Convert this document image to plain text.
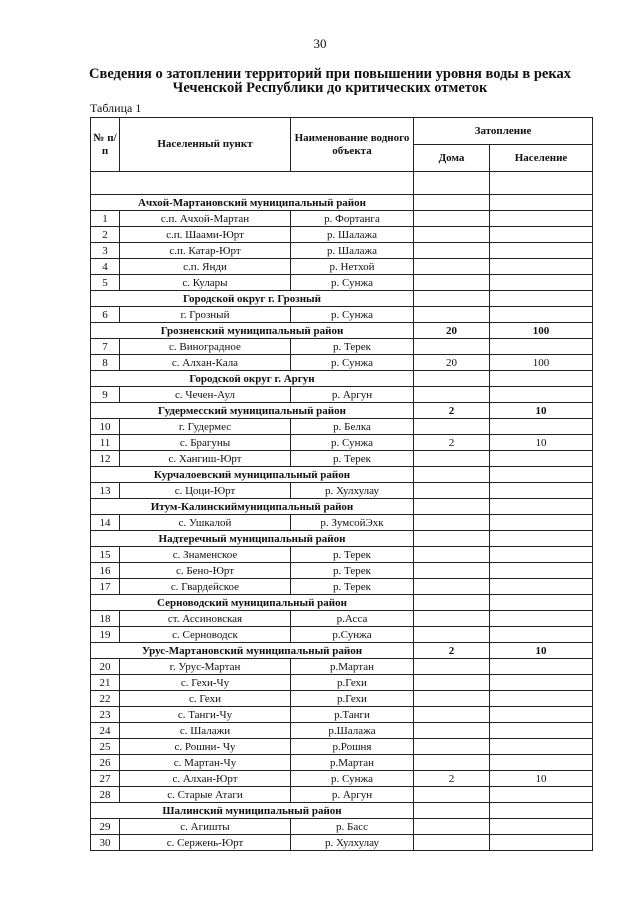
30
Сведения о затоплении территорий при повышении уровня воды в реках
Чеченской Республики до критических отметок
Таблица 1
№ п/п	Населенный пункт	Наименование водного объекта	Затопление	
			Дома	Население

Ачхой-Мартановский муниципальный район				
1	с.п. Ачхой-Мартан	р. Фортанга		
2	с.п. Шаами-Юрт	р. Шалажа		
3	с.п. Катар-Юрт	р. Шалажа		
4	с.п. Янди	р. Нетхой		
5	с. Кулары	р. Сунжа		
Городской округ г. Грозный				
6	г. Грозный	р. Сунжа		
Грозненский муниципальный район			20	100
7	с. Виноградное	р. Терек		
8	с. Алхан-Кала	р. Сунжа	20	100
Городской округ г. Аргун				
9	с. Чечен-Аул	р. Аргун		
Гудермесский муниципальный район			2	10
10	г. Гудермес	р. Белка		
11	с. Брагуны	р. Сунжа	2	10
12	с. Хангиш-Юрт	р. Терек		
Курчалоевский муниципальный район				
13	с. Цоци-Юрт	р. Хулхулау		
Итум-Калинскиймуниципальный район				
14	с. Ушкалой	р. ЗумсойЭхк		
Надтеречный муниципальный район				
15	с. Знаменское	р. Терек		
16	с. Бено-Юрт	р. Терек		
17	с. Гвардейское	р. Терек		
Серноводский муниципальный район				
18	ст. Ассиновская	р.Асса		
19	с. Серноводск	р.Сунжа		
Урус-Мартановский муниципальный район			2	10
20	г. Урус-Мартан	р.Мартан		
21	с. Гехи-Чу	р.Гехи		
22	с. Гехи	р.Гехи		
23	с. Танги-Чу	р.Танги		
24	с. Шалажи	р.Шалажа		
25	с. Рошни- Чу	р.Рошня		
26	с. Мартан-Чу	р.Мартан		
27	с. Алхан-Юрт	р. Сунжа	2	10
28	с. Старые Атаги	р. Аргун		
Шалинский муниципальный район				
29	с. Агишты	р. Басс		
30	с. Сержень-Юрт	р. Хулхулау		
